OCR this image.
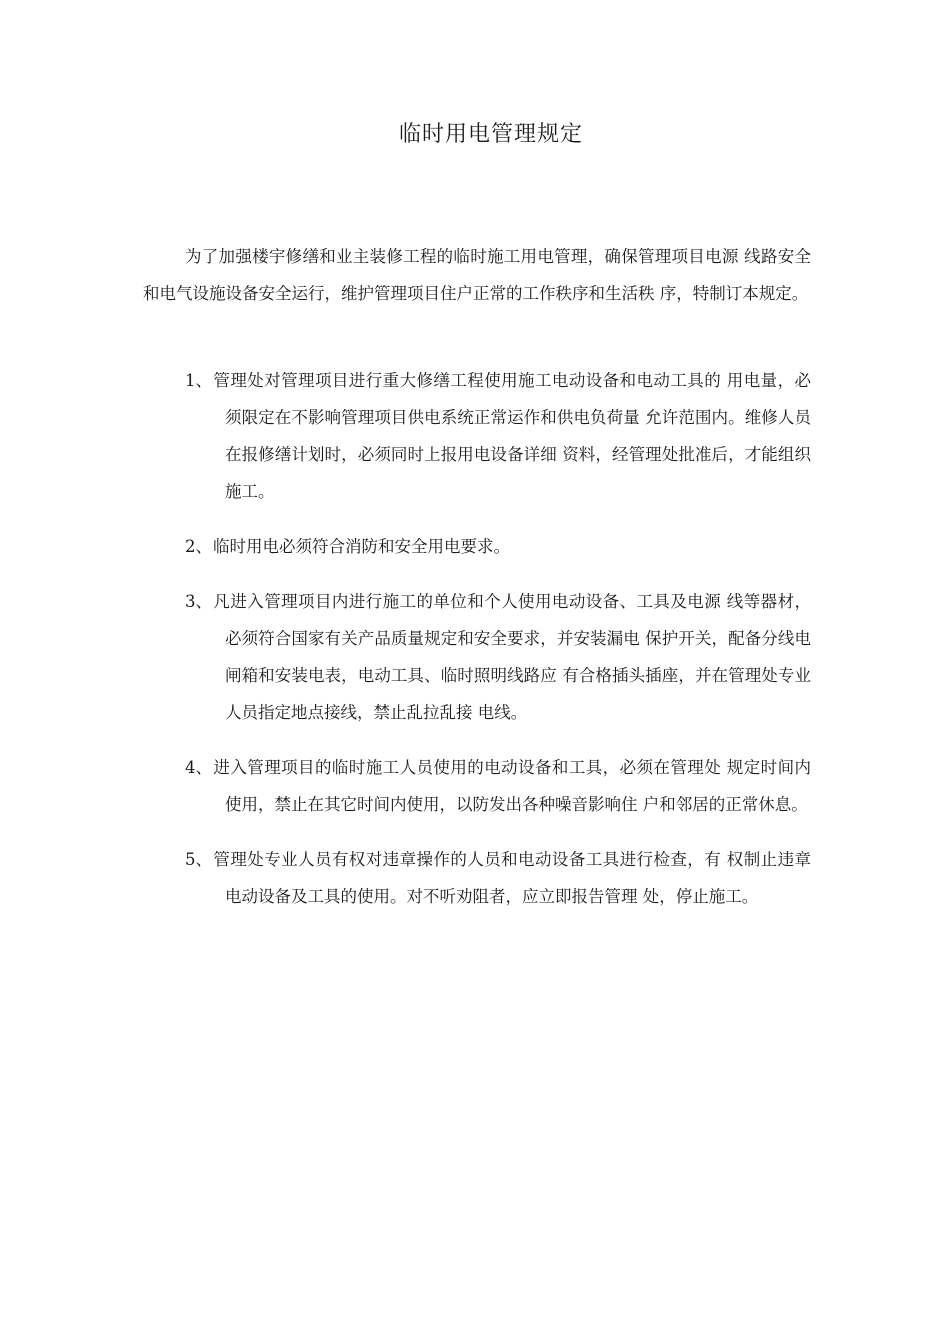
临时用电管理规定

为了加强楼宇修缮和业主装修工程的临时施工用电管理，确保管理项目电源 线路安全和电气设施设备安全运行，维护管理项目住户正常的工作秩序和生活秩 序，特制订本规定。

1、管理处对管理项目进行重大修缮工程使用施工电动设备和电动工具的 用电量，必须限定在不影响管理项目供电系统正常运作和供电负荷量 允许范围内。维修人员在报修缮计划时，必须同时上报用电设备详细 资料，经管理处批准后，才能组织施工。
2、临时用电必须符合消防和安全用电要求。
3、凡进入管理项目内进行施工的单位和个人使用电动设备、工具及电源 线等器材，必须符合国家有关产品质量规定和安全要求，并安装漏电 保护开关，配备分线电闸箱和安装电表，电动工具、临时照明线路应 有合格插头插座，并在管理处专业人员指定地点接线，禁止乱拉乱接 电线。
4、进入管理项目的临时施工人员使用的电动设备和工具，必须在管理处 规定时间内使用，禁止在其它时间内使用，以防发出各种噪音影响住 户和邻居的正常休息。
5、管理处专业人员有权对违章操作的人员和电动设备工具进行检查，有 权制止违章电动设备及工具的使用。对不听劝阻者，应立即报告管理 处，停止施工。
